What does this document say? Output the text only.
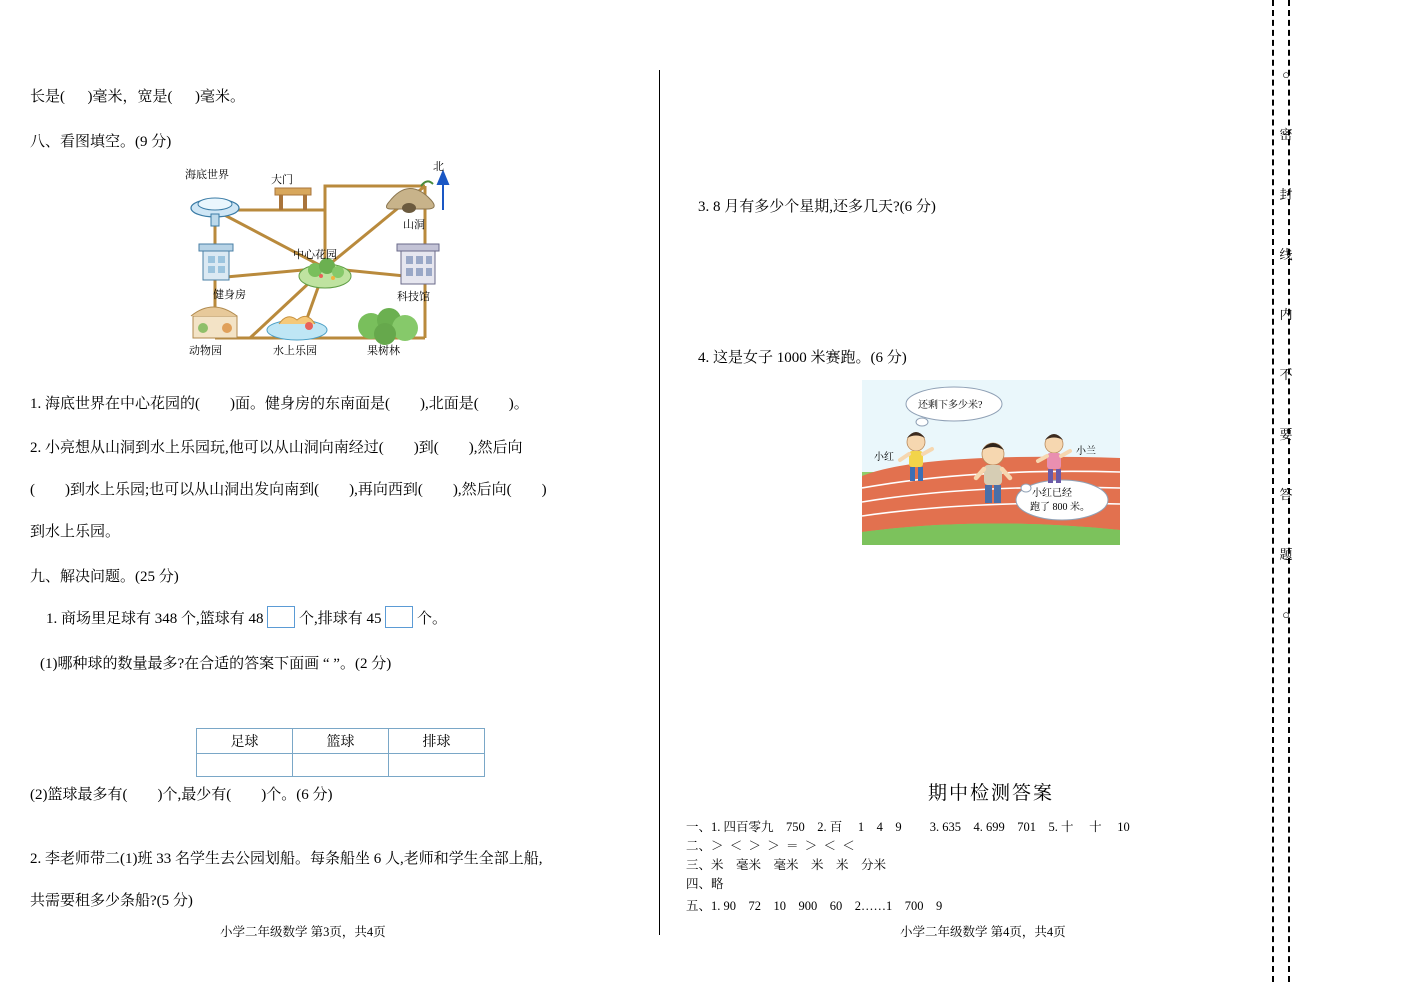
长是(      )毫米，宽是(      )毫米。
八、看图填空。(9 分)
北
海底世界	大门
山洞
中心花园
健身房	科技馆
动物园	水上乐园	果树林
1. 海底世界在中心花园的(        )面。健身房的东南面是(        ),北面是(        )。
2. 小亮想从山洞到水上乐园玩,他可以从山洞向南经过(        )到(        ),然后向
(        )到水上乐园;也可以从山洞出发向南到(        ),再向西到(        ),然后向(        )
到水上乐园。
九、解决问题。(25 分)
1. 商场里足球有 348 个,篮球有 48 个,排球有 45 个。
(1)哪种球的数量最多?在合适的答案下面画 “ ”。(2 分)
足球	篮球	排球

(2)篮球最多有(        )个,最少有(        )个。(6 分)
2. 李老师带二(1)班 33 名学生去公园划船。每条船坐 6 人,老师和学生全部上船,
共需要租多少条船?(5 分)
小学二年级数学 第3页，共4页
3. 8 月有多少个星期,还多几天?(6 分)
4. 这是女子 1000 米赛跑。(6 分)
还剩下多少米?
小红已经
跑了 800 米。
小红
小兰
期中检测答案
一、1. 四百零九    750    2. 百     1    4    9         3. 635    4. 699    701    5. 十     十     10
二、＞  ＜  ＞  ＞  ＝  ＞  ＜  ＜
三、米    毫米    毫米    米    米    分米
四、略
五、1. 90    72    10    900    60    2……1    700    9
小学二年级数学 第4页，共4页
○

密

封

线

内

不

要

答

题

○
